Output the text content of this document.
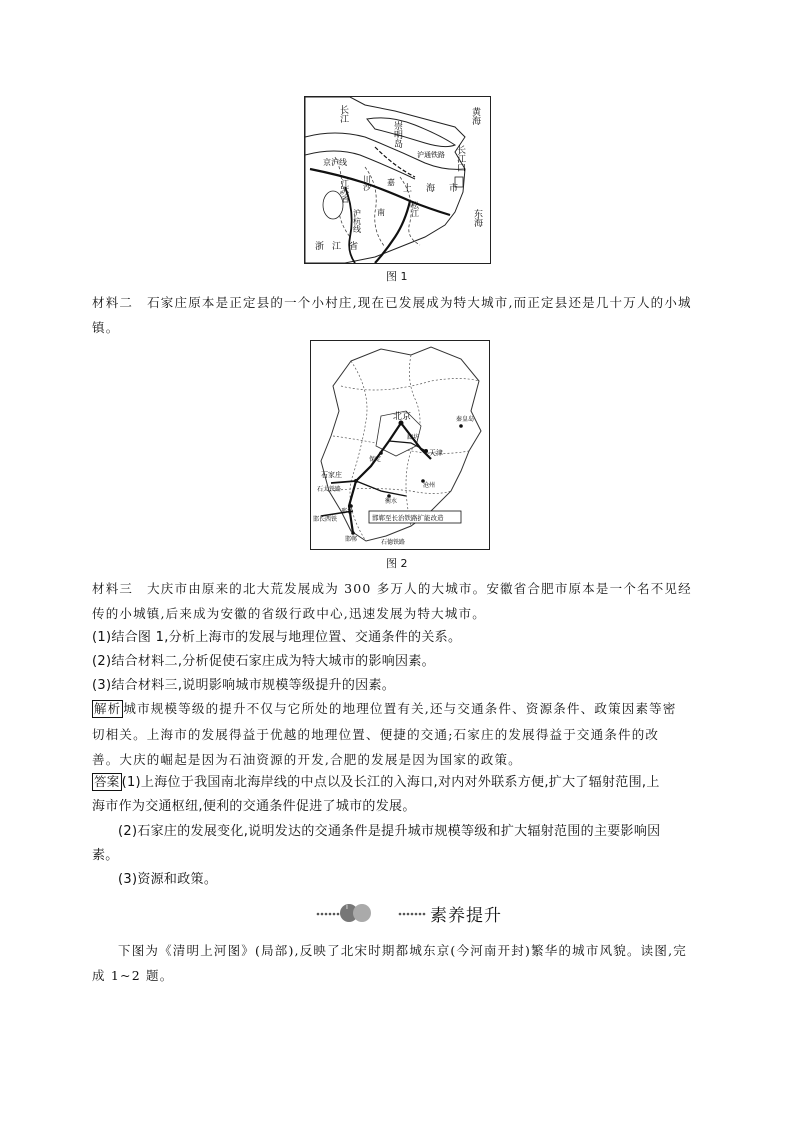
黄海
东海
长江口
崇明岛
长江
京沪线
江苏省
浙江省
上海市
沪杭线
沪通铁路
松江
嘉
川沙
南
图 1
材料二 石家庄原本是正定县的一个小村庄,现在已发展成为特大城市,而正定县还是几十万人的小城镇。
北京
天津
石家庄
石太铁路
邢台
邯郸
沧州
衡水
保定
廊坊
秦皇岛
邯长西铁
石德铁路
邯郸至长治铁路扩能改造
图 2
材料三 大庆市由原来的北大荒发展成为 300 多万人的大城市。安徽省合肥市原本是一个名不见经
传的小城镇,后来成为安徽的省级行政中心,迅速发展为特大城市。
(1)结合图 1,分析上海市的发展与地理位置、交通条件的关系。
(2)结合材料二,分析促使石家庄成为特大城市的影响因素。
(3)结合材料三,说明影响城市规模等级提升的因素。
解析 城市规模等级的提升不仅与它所处的地理位置有关,还与交通条件、资源条件、政策因素等密
切相关。上海市的发展得益于优越的地理位置、便捷的交通;石家庄的发展得益于交通条件的改
善。大庆的崛起是因为石油资源的开发,合肥的发展是因为国家的政策。
答案 (1)上海位于我国南北海岸线的中点以及长江的入海口,对内对外联系方便,扩大了辐射范围,上
海市作为交通枢纽,便利的交通条件促进了城市的发展。
(2)石家庄的发展变化,说明发达的交通条件是提升城市规模等级和扩大辐射范围的主要影响因
素。
(3)资源和政策。
i	素养提升
下图为《清明上河图》(局部),反映了北宋时期都城东京(今河南开封)繁华的城市风貌。读图,完
成 1~2 题。
